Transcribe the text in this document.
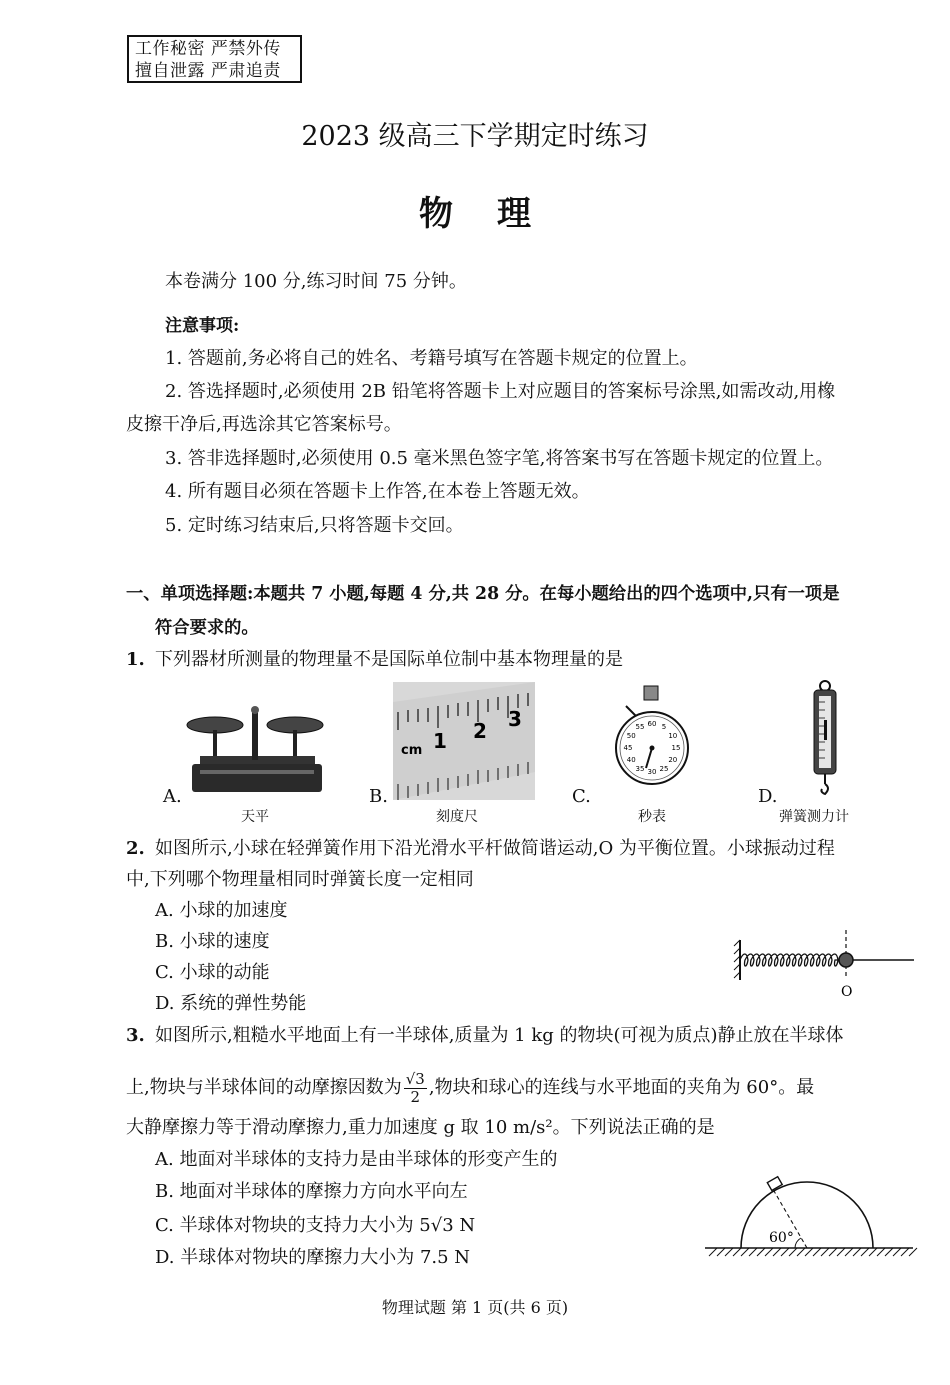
工作秘密 严禁外传
擅自泄露 严肃追责
2023 级高三下学期定时练习
物理
本卷满分 100 分,练习时间 75 分钟。
注意事项:
1. 答题前,务必将自己的姓名、考籍号填写在答题卡规定的位置上。
2. 答选择题时,必须使用 2B 铅笔将答题卡上对应题目的答案标号涂黑,如需改动,用橡
皮擦干净后,再选涂其它答案标号。
3. 答非选择题时,必须使用 0.5 毫米黑色签字笔,将答案书写在答题卡规定的位置上。
4. 所有题目必须在答题卡上作答,在本卷上答题无效。
5. 定时练习结束后,只将答题卡交回。
一、单项选择题:本题共 7 小题,每题 4 分,共 28 分。在每小题给出的四个选项中,只有一项是
符合要求的。
1. 下列器材所测量的物理量不是国际单位制中基本物理量的是
A.
天平
cm 1 2 3
B.
刻度尺
60 5
10
15
20
25
30
35
40
45
50
55
C.
秒表
D.
弹簧测力计
2. 如图所示,小球在轻弹簧作用下沿光滑水平杆做简谐运动,O 为平衡位置。小球振动过程
中,下列哪个物理量相同时弹簧长度一定相同
A. 小球的加速度
B. 小球的速度
C. 小球的动能
D. 系统的弹性势能
O
3. 如图所示,粗糙水平地面上有一半球体,质量为 1 kg 的物块(可视为质点)静止放在半球体
上,物块与半球体间的动摩擦因数为 $\frac{√3}{2}$ ,物块和球心的连线与水平地面的夹角为 60°。最
大静摩擦力等于滑动摩擦力,重力加速度 g 取 10 m/s²。下列说法正确的是
A. 地面对半球体的支持力是由半球体的形变产生的
B. 地面对半球体的摩擦力方向水平向左
C. 半球体对物块的支持力大小为 5√3 N
D. 半球体对物块的摩擦力大小为 7.5 N
60°
物理试题 第 1 页(共 6 页)
